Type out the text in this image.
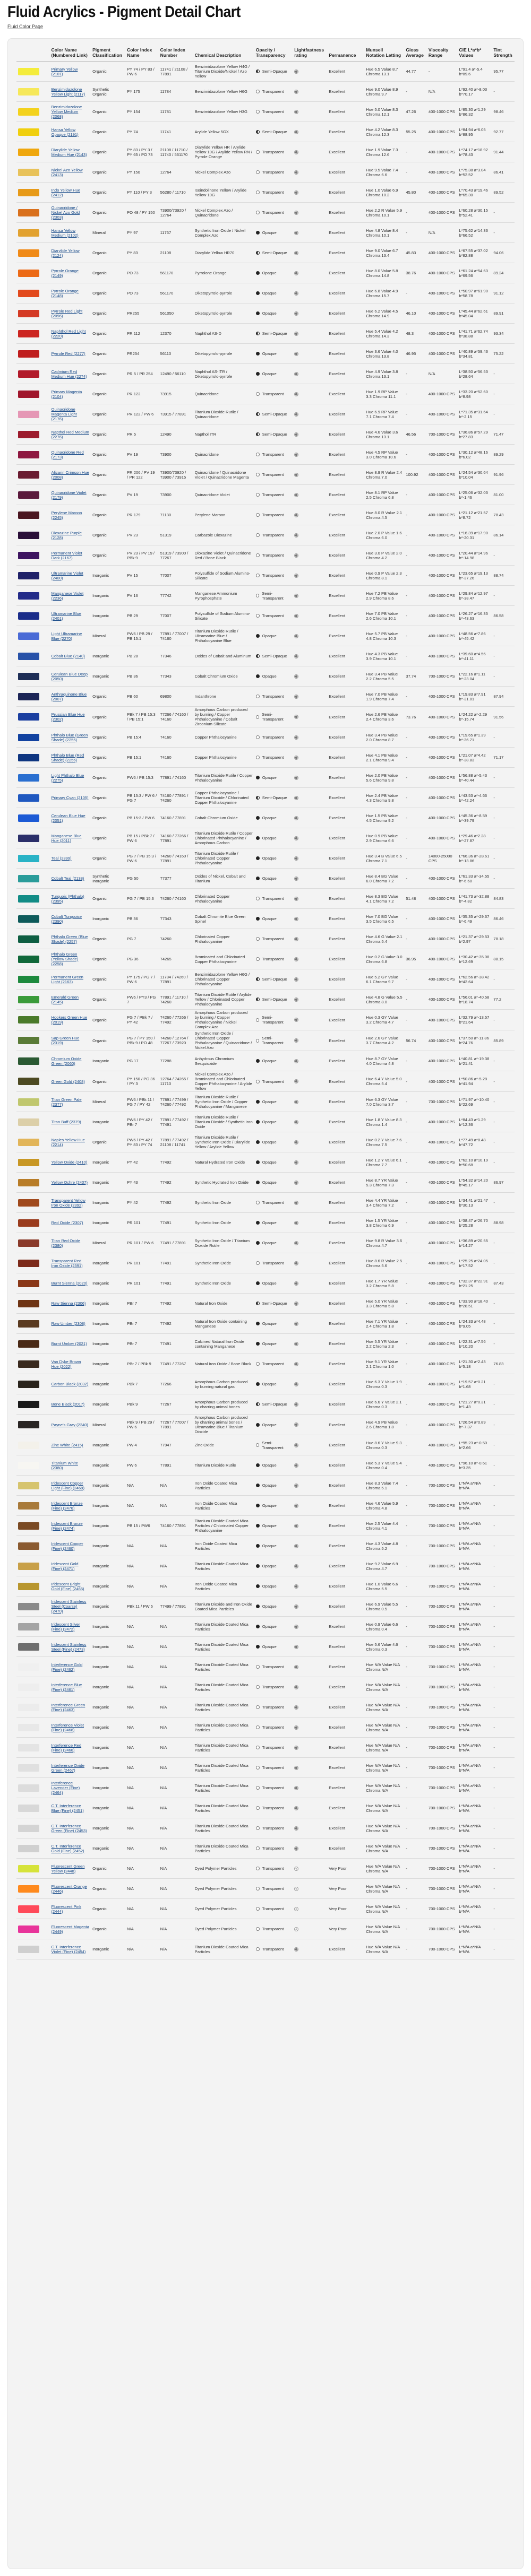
Fluid Acrylics - Pigment Detail Chart
Fluid Color Page
	Color Name (Numbered Link)	Pigment Classification	Color Index Name	Color Index Number	Chemical Description	Opacity / Transparency	Lightfastness rating	Permanence	Munsell Notation Letting	Gloss Average	Viscosity Range	CIE L*a*b* Values	Tint Strength

	Primary Yellow (2101)	Organic	PY 74 / PY 83 / PW 6	11741 / 21108 / 77891	Benzimidazolone Yellow H4G / Titanium Dioxide/Nickel / Azo Yellow	Semi-Opaque		Excellent	Hue 6.5 Value 8.7 Chroma 13.1	44.77	-	L*91.4 a*-5.4 b*89.6	95.77

	Benzimidazolone Yellow Light (2117)	Synthetic Organic	PY 175	11784	Benzimidazolone Yellow H6G	Transparent		Excellent	Hue 9.0 Value 8.9 Chroma 9.7	-	N/A	L*92.40 a*-8.03 b*70.17	-

	Benzimidazolone Yellow Medium (2068)	Organic	PY 154	11781	Benzimidazolone Yellow H3G	Transparent		Excellent	Hue 5.0 Value 8.3 Chroma 12.1	47.26	400-1000 CPS	L*85.30 a*1.29 b*86.32	98.46

	Hansa Yellow Opaque (2191)	Organic	PY 74	11741	Arylide Yellow 5GX	Semi-Opaque		Excellent	Hue 4.2 Value 8.3 Chroma 12.3	55.25	400-1000 CPS	L*84.94 a*6.05 b*88.95	92.77

	Diarylide Yellow Medium Hue (2143)	Organic	PY 83 / PY 3 / PY 65 / PO 73	21108 / 11710 / 11740 / 561170	Diarylide Yellow HR / Arylide Yellow 10G / Arylide Yellow RN / Pyrrole Orange	Transparent		Excellent	Hue 1.9 Value 7.3 Chroma 12.6	-	400-1000 CPS	L*74.17 a*18.92 b*78.43	91.44

	Nickel Azo Yellow (2413)	Organic	PY 150	12764	Nickel Complex Azo	Transparent		Excellent	Hue 9.5 Value 7.4 Chroma 6.6	-	400-1000 CPS	L*75.38 a*3.04 b*52.52	86.41

	Indo Yellow Hue (2412)	Organic	PY 110 / PY 3	56280 / 11710	Isoindolinone Yellow / Arylide Yellow 10G	Transparent		Excellent	Hue 1.0 Value 6.9 Chroma 10.2	45.80	400-1000 CPS	L*70.43 a*19.46 b*65.30	89.52

	Quinacridone / Nickel Azo Gold (2303)	Organic	PO 48 / PY 150	73900/73920 / 12764	Nickel Complex Azo / Quinacridone	Transparent		Excellent	Hue 2.2 R Value 5.9 Chroma 10.1	-	400-1000 CPS	L*60.28 a*30.15 b*52.41	-

	Hansa Yellow Medium (2102)	Mineral	PY 97	11767	Synthetic Iron Oxide / Nickel Complex Azo	Opaque		Excellent	Hue 4.8 Value 8.4 Chroma 10.1	-	N/A	L*75.62 a*14.33 b*66.52	-

	Diarylide Yellow (2124)	Organic	PY 83	21108	Diarylide Yellow HR70	Semi-Opaque		Excellent	Hue 9.0 Value 6.7 Chroma 13.4	45.83	400-1000 CPS	L*67.55 a*37.02 b*82.88	94.06

	Pyrrole Orange (2149)	Organic	PO 73	561170	Pyrrolone Orange	Opaque		Excellent	Hue 8.0 Value 5.8 Chroma 14.8	38.76	400-1000 CPS	L*61.24 a*54.63 b*69.56	89.24

	Pyrrole Orange (2148)	Organic	PO 73	561170	Diketopyrrolo-pyrrole	Opaque		Excellent	Hue 6.8 Value 4.9 Chroma 15.7	-	400-1000 CPS	L*50.97 a*61.90 b*58.78	91.12

	Pyrrole Red Light (2096)	Organic	PR255	561050	Diketopyrrolo-pyrrole	Opaque		Excellent	Hue 6.2 Value 4.5 Chroma 14.9	46.10	400-1000 CPS	L*45.44 a*62.61 b*45.04	89.91

	Naphthol Red Light (2220)	Organic	PR 112	12370	Naphthol AS-D	Semi-Opaque		Excellent	Hue 5.4 Value 4.2 Chroma 14.3	48.3	400-1000 CPS	L*41.71 a*62.74 b*38.88	93.34

	Pyrrole Red (2277)	Organic	PR254	56110	Diketopyrrolo-pyrrole	Opaque		Excellent	Hue 3.6 Value 4.0 Chroma 13.8	46.95	400-1000 CPS	L*40.89 a*59.43 b*34.81	75.22

	Cadmium Red Medium Hue (2274)	Organic	PR 5 / PR 254	12490 / 56110	Naphthol AS-ITR / Diketopyrrolo-pyrrole	Opaque		Excellent	Hue 4.9 Value 3.8 Chroma 13.1	-	N/A	L*38.50 a*56.53 b*28.64	-

	Primary Magenta (2104)	Organic	PR 122	73915	Quinacridone	Transparent		Excellent	Hue 1.9 RP Value 3.3 Chroma 11.1	-	400-1000 CPS	L*33.20 a*52.60 b*8.98	-

	Quinacridone Magenta Light (2176)	Organic	PR 122 / PW 6	73915 / 77891	Titanium Dioxide Rutile / Quinacridone	Semi-Opaque		Excellent	Hue 6.9 RP Value 7.1 Chroma 7.4	-	400-1000 CPS	L*71.35 a*31.64 b*-2.15	-

	Napthol Red Medium (2276)	Organic	PR 5	12490	Napthol ITR	Semi-Opaque		Excellent	Hue 4.6 Value 3.6 Chroma 13.1	46.56	700-1000 CPS	L*36.86 a*57.29 b*27.83	71.47

	Quinacridone Red (2173)	Organic	PV 19	73900	Quinacridone	Transparent		Excellent	Hue 4.5 RP Value 3.0 Chroma 10.6	-	400-1000 CPS	L*30.12 a*48.16 b*6.02	89.29

	Alizarin Crimson Hue (2008)	Organic	PR 206 / PV 19 / PR 122	73900/73920 / 73900 / 73915	Quinacridone / Quinacridone Violet / Quinacridone Magenta	Transparent		Excellent	Hue 8.9 R Value 2.4 Chroma 7.0	100.92	400-1000 CPS	L*24.54 a*30.64 b*10.04	91.96

	Quinacridone Violet (2179)	Organic	PV 19	73900	Quinacridone Violet	Transparent		Excellent	Hue 8.1 RP Value 2.5 Chroma 6.8	-	400-1000 CPS	L*25.06 a*32.03 b*-1.46	81.00

	Perylene Maroon (2245)	Organic	PR 179	71130	Perylene Maroon	Transparent		Excellent	Hue 8.0 R Value 2.1 Chroma 4.5	-	400-1000 CPS	L*21.12 a*21.57 b*8.72	78.43

	Dioxazine Purple (2128)	Organic	PV 23	51319	Carbazole Dioxazine	Transparent		Excellent	Hue 2.0 P Value 1.6 Chroma 6.0	-	400-1000 CPS	L*16.39 a*17.90 b*-20.31	86.14

	Permanent Violet Dark (2167)	Organic	PV 23 / PV 19 / PBk 9	51319 / 73900 / 77267	Dioxazine Violet / Quinacridone Red / Bone Black	Transparent		Excellent	Hue 3.0 P Value 2.0 Chroma 4.2	-	400-1000 CPS	L*20.44 a*14.96 b*-14.98	-

	Ultramarine Violet (2400)	Inorganic	PV 15	77007	Polysulfide of Sodium Alumino-Silicate	Transparent		Excellent	Hue 0.9 P Value 2.3 Chroma 8.1	-	400-1000 CPS	L*23.65 a*19.13 b*-37.26	88.74

	Manganese Violet (2236)	Inorganic	PV 16	77742	Manganese Ammonium Pyrophosphate	Semi-Transparent		Excellent	Hue 7.2 PB Value 2.9 Chroma 8.6	-	400-1000 CPS	L*29.84 a*12.97 b*-38.47	-

	Ultramarine Blue (2401)	Inorganic	PB 29	77007	Polysulfide of Sodium Alumino-Silicate	Transparent		Excellent	Hue 7.0 PB Value 2.6 Chroma 10.1	-	400-1000 CPS	L*26.27 a*16.35 b*-43.63	86.58

	Light Ultramarine Blue (2270)	Mineral	PW6 / PB 29 / PB 15:1	77891 / 77007 / 74160	Titanium Dioxide Rutile / Ultramarine Blue / Phthalocyanine Blue	Opaque		Excellent	Hue 5.7 PB Value 4.8 Chroma 10.3	-	400-1000 CPS	L*48.56 a*7.86 b*-45.42	-

	Cobalt Blue (2140)	Inorganic	PB 28	77346	Oxides of Cobalt and Aluminum	Semi-Opaque		Excellent	Hue 4.3 PB Value 3.9 Chroma 10.1	-	400-1000 CPS	L*39.60 a*4.56 b*-41.11	-

	Cerulean Blue Deep (2050)	Inorganic	PB 36	77343	Cobalt Chromium Oxide	Opaque		Excellent	Hue 3.4 PB Value 2.2 Chroma 5.5	37.74	700-1000 CPS	L*22.16 a*1.11 b*-23.04	-

	Anthraquinone Blue (2007)	Organic	PB 60	69800	Indanthrone	Transparent		Excellent	Hue 7.0 PB Value 1.9 Chroma 7.4	-	400-1000 CPS	L*19.83 a*7.91 b*-31.01	87.94

	Prussian Blue Hue (2302)	Organic	PBk 7 / PB 15:3 / PB 15:1	77266 / 74160 / 74160	Amorphous Carbon produced by burning / Copper Phthalocyanine / Cobalt Zirconium Silicate	Semi-Transparent		Excellent	Hue 2.6 PB Value 2.4 Chroma 3.6	73.76	400-1000 CPS	L*24.22 a*-2.29 b*-15.74	91.56

	Phthalo Blue (Green Shade) (2255)	Organic	PB 15:4	74160	Copper Phthalocyanine	Transparent		Excellent	Hue 3.4 PB Value 2.0 Chroma 8.7	-	400-1000 CPS	L*19.65 a*1.39 b*-36.71	-

	Phthalo Blue (Red Shade) (2256)	Organic	PB 15:1	74160	Copper Phthalocyanine	Transparent		Excellent	Hue 4.1 PB Value 2.1 Chroma 9.4	-	400-1000 CPS	L*21.07 a*4.42 b*-38.83	71.17

	Light Phthalo Blue (2275)	Organic	PW6 / PB 15:3	77891 / 74160	Titanium Dioxide Rutile / Copper Phthalocyanine	Opaque		Excellent	Hue 2.0 PB Value 5.6 Chroma 9.8	-	400-1000 CPS	L*56.88 a*-5.43 b*-40.44	-

	Primary Cyan (2105)	Organic	PB 15:3 / PW 6 / PG 7	74160 / 77891 / 74260	Copper Phthalocyanine / Titanium Dioxide / Chlorinated Copper Phthalocyanine	Semi-Opaque		Excellent	Hue 2.4 PB Value 4.3 Chroma 9.8	-	400-1000 CPS	L*43.53 a*-4.66 b*-42.24	-

	Cerulean Blue Hue (2051)	Organic	PB 15:3 / PW 6	74160 / 77891	Cobalt Chromium Oxide	Opaque		Excellent	Hue 1.5 PB Value 4.5 Chroma 9.2	-	400-1000 CPS	L*45.36 a*-8.59 b*-39.79	-

	Manganese Blue Hue (2011)	Organic	PB 15 / PBk 7 / PW 6	74160 / 77266 / 77891	Titanium Dioxide Rutile / Copper Chlorinated Phthalocyanine / Amorphous Carbon	Opaque		Excellent	Hue 0.9 PB Value 2.9 Chroma 6.6	-	400-1000 CPS	L*29.46 a*2.28 b*-27.87	-

	Teal (2399)	Organic	PG 7 / PB 15:3 / PW 6	74260 / 74160 / 77891	Titanium Dioxide Rutile / Chlorinated Copper Phthalocyanine	Opaque		Excellent	Hue 3.4 B Value 6.5 Chroma 7.1	-	14000-25000 CPS	L*66.36 a*-28.61 b*-13.86	-

	Cobalt Teal (2138)	Synthetic Inorganic	PG 50	77377	Oxides of Nickel, Cobalt and Titanium	Opaque		Excellent	Hue 8.4 BG Value 6.0 Chroma 7.2	-	400-1000 CPS	L*61.33 a*-34.55 b*-6.60	-

	Turquois (Phthalo) (2395)	Organic	PG 7 / PB 15:3	74260 / 74160	Chlorinated Copper Phthalocyanine	Transparent		Excellent	Hue 8.3 BG Value 4.1 Chroma 7.2	51.48	400-1000 CPS	L*41.73 a*-32.88 b*-4.82	84.83

	Cobalt Turquoise (2390)	Inorganic	PB 36	77343	Cobalt Chromite Blue Green Spinel	Opaque		Excellent	Hue 7.0 BG Value 3.5 Chroma 6.5	-	400-1000 CPS	L*35.35 a*-29.67 b*-6.49	86.46

	Phthalo Green (Blue Shade) (2257)	Organic	PG 7	74260	Chlorinated Copper Phthalocyanine	Transparent		Excellent	Hue 4.6 G Value 2.1 Chroma 5.4	-	400-1000 CPS	L*21.37 a*-29.53 b*2.97	78.18

	Phthalo Green (Yellow Shade) (2258)	Organic	PG 36	74265	Brominated and Chlorinated Copper Phthalocyanine	Transparent		Excellent	Hue 0.2 G Value 3.0 Chroma 6.8	36.95	400-1000 CPS	L*30.42 a*-35.08 b*12.69	88.15

	Permanent Green Light (2163)	Organic	PY 175 / PG 7 / PW 6	11784 / 74260 / 77891	Benzimidazolone Yellow H6G / Chlorinated Copper Phthalocyanine	Semi-Opaque		Excellent	Hue 5.2 GY Value 6.1 Chroma 9.7	-	400-1000 CPS	L*62.56 a*-38.42 b*42.64	-

	Emerald Green (2145)	Organic	PW6 / PY3 / PG 7	77891 / 11710 / 74260	Titanium Dioxide Rutile / Arylide Yellow / Chlorinated Copper Phthalocyanine	Semi-Opaque		Excellent	Hue 4.8 G Value 5.5 Chroma 8.0	-	400-1000 CPS	L*56.01 a*-40.58 b*18.74	77.2

	Hookers Green Hue (2019)	Organic	PG 7 / PBk 7 / PY 42	74260 / 77266 / 77492	Amorphous Carbon produced by burning / Copper Phthalocyanine / Nickel Complex Azo	Semi-Transparent		Excellent	Hue 0.3 GY Value 3.2 Chroma 4.7	-	400-1000 CPS	L*32.79 a*-13.57 b*21.64	-

	Sap Green Hue (2319)	Organic	PG 7 / PY 150 / PBk 9 / PO 48	74260 / 12764 / 77267 / 73920	Synthetic Iron Oxide / Chlorinated Copper Phthalocyanine / Quinacridone / Nickel Azo	Semi-Transparent		Excellent	Hue 2.6 GY Value 3.7 Chroma 4.2	56.74	400-1000 CPS	L*37.50 a*-11.86 b*24.76	85.89

	Chromium Oxide Green (2060)	Inorganic	PG 17	77288	Anhydrous Chromium Sesquioxide	Opaque		Excellent	Hue 8.7 GY Value 4.0 Chroma 4.8	-	400-1000 CPS	L*40.81 a*-19.38 b*21.41	-

	Green Gold (2408)	Organic	PY 150 / PG 36 / PY 3	12764 / 74265 / 11710	Nickel Complex Azo / Brominated and Chlorinated Copper Phthalocyanine / Arylide Yellow	Transparent		Excellent	Hue 6.4 Y Value 5.0 Chroma 5.4	-	400-1000 CPS	L*50.86 a*-5.28 b*41.94	-

	Titan Green Pale (2377)	Mineral	PW6 / PBk 11 / PG 7 / PY 42	77891 / 77499 / 74260 / 77492	Titanium Dioxide Rutile / Synthetic Iron Oxide / Copper Phthalocyanine / Manganese	Opaque		Excellent	Hue 6.3 GY Value 7.0 Chroma 3.7	-	700-1000 CPS	L*71.97 a*-10.40 b*22.69	-

	Titan Buff (2379)	Inorganic	PW6 / PY 42 / PBr 7	77891 / 77492 / 77491	Titanium Dioxide Rutile / Titanium Dioxide / Synthetic Iron Oxide	Opaque		Excellent	Hue 1.8 Y Value 8.3 Chroma 1.4	-	400-1000 CPS	L*84.43 a*1.29 b*12.36	-

	Naples Yellow Hue (2214)	Organic	PW6 / PY 42 / PY 83 / PY 74	77891 / 77492 / 21108 / 11741	Titanium Dioxide Rutile / Synthetic Iron Oxide / Diarylide Yellow / Arylide Yellow	Opaque		Excellent	Hue 0.2 Y Value 7.6 Chroma 7.5	-	400-1000 CPS	L*77.49 a*8.48 b*47.72	-

	Yellow Oxide (2410)	Inorganic	PY 42	77492	Natural Hydrated Iron Oxide	Opaque		Excellent	Hue 1.2 Y Value 6.1 Chroma 7.7	-	400-1000 CPS	L*62.10 a*10.19 b*50.68	-

	Yellow Ochre (2407)	Inorganic	PY 43	77492	Synthetic Hydrated Iron Oxide	Opaque		Excellent	Hue 8.7 YR Value 5.3 Chroma 7.3	-	400-1000 CPS	L*54.32 a*14.20 b*45.17	86.97

	Transparent Yellow Iron Oxide (2392)	Inorganic	PY 42	77492	Synthetic Iron Oxide	Transparent		Excellent	Hue 4.4 YR Value 3.4 Chroma 7.2	-	400-1000 CPS	L*34.41 a*21.47 b*30.13	-

	Red Oxide (2307)	Inorganic	PR 101	77491	Synthetic Iron Oxide	Opaque		Excellent	Hue 1.5 YR Value 3.8 Chroma 6.9	-	400-1000 CPS	L*38.47 a*26.70 b*25.28	88.98

	Titan Red Oxide (2380)	Mineral	PR 101 / PW 6	77491 / 77891	Synthetic Iron Oxide / Titanium Dioxide Rutile	Opaque		Excellent	Hue 9.8 R Value 3.6 Chroma 4.7	-	400-1000 CPS	L*36.89 a*20.55 b*14.27	-

	Transparent Red Iron Oxide (2391)	Inorganic	PR 101	77491	Synthetic Iron Oxide	Transparent		Excellent	Hue 8.6 R Value 2.5 Chroma 5.6	-	400-1000 CPS	L*25.25 a*24.05 b*17.52	-

	Burnt Sienna (2020)	Inorganic	PR 101	77491	Synthetic Iron Oxide	Opaque		Excellent	Hue 1.7 YR Value 3.2 Chroma 5.8	-	400-1000 CPS	L*32.37 a*22.91 b*21.25	87.43

	Raw Sienna (2306)	Inorganic	PBr 7	77492	Natural Iron Oxide	Semi-Opaque		Excellent	Hue 5.0 YR Value 3.3 Chroma 5.8	-	400-1000 CPS	L*33.90 a*18.40 b*28.51	-

	Raw Umber (2308)	Inorganic	PBr 7	77492	Natural Iron Oxide containing Manganese	Opaque		Excellent	Hue 7.1 YR Value 2.4 Chroma 1.8	-	400-1000 CPS	L*24.33 a*4.48 b*9.05	-

	Burnt Umber (2021)	Inorganic	PBr 7	77491	Calcined Natural Iron Oxide containing Manganese	Opaque		Excellent	Hue 5.5 YR Value 2.2 Chroma 2.3	-	400-1000 CPS	L*22.31 a*7.56 b*10.20	-

	Van Dyke Brown Hue (2022)	Inorganic	PBr 7 / PBk 9	77491 / 77267	Natural Iron Oxide / Bone Black	Transparent		Excellent	Hue 9.1 YR Value 2.1 Chroma 1.0	-	400-1000 CPS	L*21.30 a*2.43 b*5.18	76.83

	Carbon Black (2032)	Inorganic	PBk 7	77266	Amorphous Carbon produced by burning natural gas	Opaque		Excellent	Hue 6.3 Y Value 1.9 Chroma 0.3	-	400-1000 CPS	L*19.57 a*0.21 b*1.68	-

	Bone Black (2017)	Inorganic	PBk 9	77267	Amorphous Carbon produced by charring animal bones	Semi-Opaque		Excellent	Hue 6.6 Y Value 2.1 Chroma 0.3	-	400-1000 CPS	L*21.27 a*0.31 b*1.43	-

	Payne's Gray (2240)	Mineral	PBk 9 / PB 29 / PW 6	77267 / 77007 / 77891	Amorphous Carbon produced by charring animal bones / Ultramarine Blue / Titanium Dioxide	Opaque		Excellent	Hue 4.9 PB Value 2.6 Chroma 1.8	-	400-1000 CPS	L*26.54 a*0.89 b*-7.37	-

	Zinc White (2415)	Inorganic	PW 4	77947	Zinc Oxide	Semi-Transparent		Excellent	Hue 8.6 Y Value 9.3 Chroma 0.3	-	400-1000 CPS	L*95.23 a*-0.50 b*2.66	-

	Titanium White (2380)	Inorganic	PW 6	77891	Titanium Dioxide Rutile	Opaque		Excellent	Hue 5.3 Y Value 9.4 Chroma 0.4	-	400-1000 CPS	L*96.10 a*-0.61 b*3.35	-

	Iridescent Copper Light (Fine) (2469)	Inorganic	N/A	N/A	Iron Oxide Coated Mica Particles	Opaque		Excellent	Hue 8.3 Value 7.4 Chroma 5.1	-	700-1000 CPS	L*N/A a*N/A b*N/A	-

	Iridescent Bronze (Fine) (2476)	Inorganic	N/A	N/A	Iron Oxide Coated Mica Particles	Opaque		Excellent	Hue 4.6 Value 5.9 Chroma 4.8	-	700-1000 CPS	L*N/A a*N/A b*N/A	-

	Iridescent Bronze (Fine) (2474)	Inorganic	PB 15 / PW6	74160 / 77891	Titanium Dioxide Coated Mica Particles / Chlorinated Copper Phthalocyanine	Opaque		Excellent	Hue 2.5 Value 4.4 Chroma 4.1	-	700-1000 CPS	L*N/A a*N/A b*N/A	-

	Iridescent Copper (Fine) (2460)	Inorganic	N/A	N/A	Iron Oxide Coated Mica Particles	Opaque		Excellent	Hue 4.3 Value 4.8 Chroma 5.2	-	700-1000 CPS	L*N/A a*N/A b*N/A	-

	Iridescent Gold (Fine) (2471)	Inorganic	N/A	N/A	Titanium Dioxide Coated Mica Particles	Opaque		Excellent	Hue 9.2 Value 6.9 Chroma 4.7	-	700-1000 CPS	L*N/A a*N/A b*N/A	-

	Iridescent Bright Gold (Fine) (2465)	Inorganic	N/A	N/A	Iron Oxide Coated Mica Particles	Opaque		Excellent	Hue 1.0 Value 6.6 Chroma 5.5	-	700-1000 CPS	L*N/A a*N/A b*N/A	-

	Iridescent Stainless Steel (Coarse) (2470)	Inorganic	PBk 11 / PW 6	77499 / 77891	Titanium Dioxide and Iron Oxide Coated Mica Particles	Opaque		Excellent	Hue 6.9 Value 5.5 Chroma 0.5	-	700-1000 CPS	L*N/A a*N/A b*N/A	-

	Iridescent Silver (Fine) (2472)	Inorganic	N/A	N/A	Titanium Dioxide Coated Mica Particles	Opaque		Excellent	Hue 0.9 Value 6.6 Chroma 0.4	-	700-1000 CPS	L*N/A a*N/A b*N/A	-

	Iridescent Stainless Steel (Fine) (2473)	Inorganic	N/A	N/A	Titanium Dioxide Coated Mica Particles	Opaque		Excellent	Hue 5.6 Value 4.6 Chroma 0.3	-	700-1000 CPS	L*N/A a*N/A b*N/A	-

	Interference Gold (Fine) (2462)	Inorganic	N/A	N/A	Titanium Dioxide Coated Mica Particles	Transparent		Excellent	Hue N/A Value N/A Chroma N/A	-	700-1000 CPS	L*N/A a*N/A b*N/A	-

	Interference Blue (Fine) (2461)	Inorganic	N/A	N/A	Titanium Dioxide Coated Mica Particles	Transparent		Excellent	Hue N/A Value N/A Chroma N/A	-	700-1000 CPS	L*N/A a*N/A b*N/A	-

	Interference Green (Fine) (2463)	Inorganic	N/A	N/A	Titanium Dioxide Coated Mica Particles	Transparent		Excellent	Hue N/A Value N/A Chroma N/A	-	700-1000 CPS	L*N/A a*N/A b*N/A	-

	Interference Violet (Fine) (2468)	Inorganic	N/A	N/A	Titanium Dioxide Coated Mica Particles	Transparent		Excellent	Hue N/A Value N/A Chroma N/A	-	700-1000 CPS	L*N/A a*N/A b*N/A	-

	Interference Red (Fine) (2466)	Inorganic	N/A	N/A	Titanium Dioxide Coated Mica Particles	Transparent		Excellent	Hue N/A Value N/A Chroma N/A	-	700-1000 CPS	L*N/A a*N/A b*N/A	-

	Interference Oxide Green (2467)	Inorganic	N/A	N/A	Titanium Dioxide Coated Mica Particles	Transparent		Excellent	Hue N/A Value N/A Chroma N/A	-	700-1000 CPS	L*N/A a*N/A b*N/A	-

	Interference Lavender (Fine) (2464)	Inorganic	N/A	N/A	Titanium Dioxide Coated Mica Particles	Transparent		Excellent	Hue N/A Value N/A Chroma N/A	-	700-1000 CPS	L*N/A a*N/A b*N/A	-

	C.T. Interference Blue (Fine) (2451)	Inorganic	N/A	N/A	Titanium Dioxide Coated Mica Particles	Transparent		Excellent	Hue N/A Value N/A Chroma N/A	-	700-1000 CPS	L*N/A a*N/A b*N/A	-

	C.T. Interference Green (Fine) (2453)	Inorganic	N/A	N/A	Titanium Dioxide Coated Mica Particles	Transparent		Excellent	Hue N/A Value N/A Chroma N/A	-	700-1000 CPS	L*N/A a*N/A b*N/A	-

	C.T. Interference Gold (Fine) (2452)	Inorganic	N/A	N/A	Titanium Dioxide Coated Mica Particles	Transparent		Excellent	Hue N/A Value N/A Chroma N/A	-	700-1000 CPS	L*N/A a*N/A b*N/A	-

	Fluorescent Green Yellow (2448)	Organic	N/A	N/A	Dyed Polymer Particles	Transparent		Very Poor	Hue N/A Value N/A Chroma N/A	-	700-1000 CPS	L*N/A a*N/A b*N/A	-

	Fluorescent Orange (2446)	Organic	N/A	N/A	Dyed Polymer Particles	Transparent		Very Poor	Hue N/A Value N/A Chroma N/A	-	700-1000 CPS	L*N/A a*N/A b*N/A	-

	Fluorescent Pink (2444)	Organic	N/A	N/A	Dyed Polymer Particles	Transparent		Very Poor	Hue N/A Value N/A Chroma N/A	-	700-1000 CPS	L*N/A a*N/A b*N/A	-

	Fluorescent Magenta (2449)	Organic	N/A	N/A	Dyed Polymer Particles	Transparent		Very Poor	Hue N/A Value N/A Chroma N/A	-	700-1000 CPS	L*N/A a*N/A b*N/A	-

	C.T. Interference Violet (Fine) (2454)	Inorganic	N/A	N/A	Titanium Dioxide Coated Mica Particles	Transparent		Excellent	Hue N/A Value N/A Chroma N/A	-	700-1000 CPS	L*N/A a*N/A b*N/A	-
